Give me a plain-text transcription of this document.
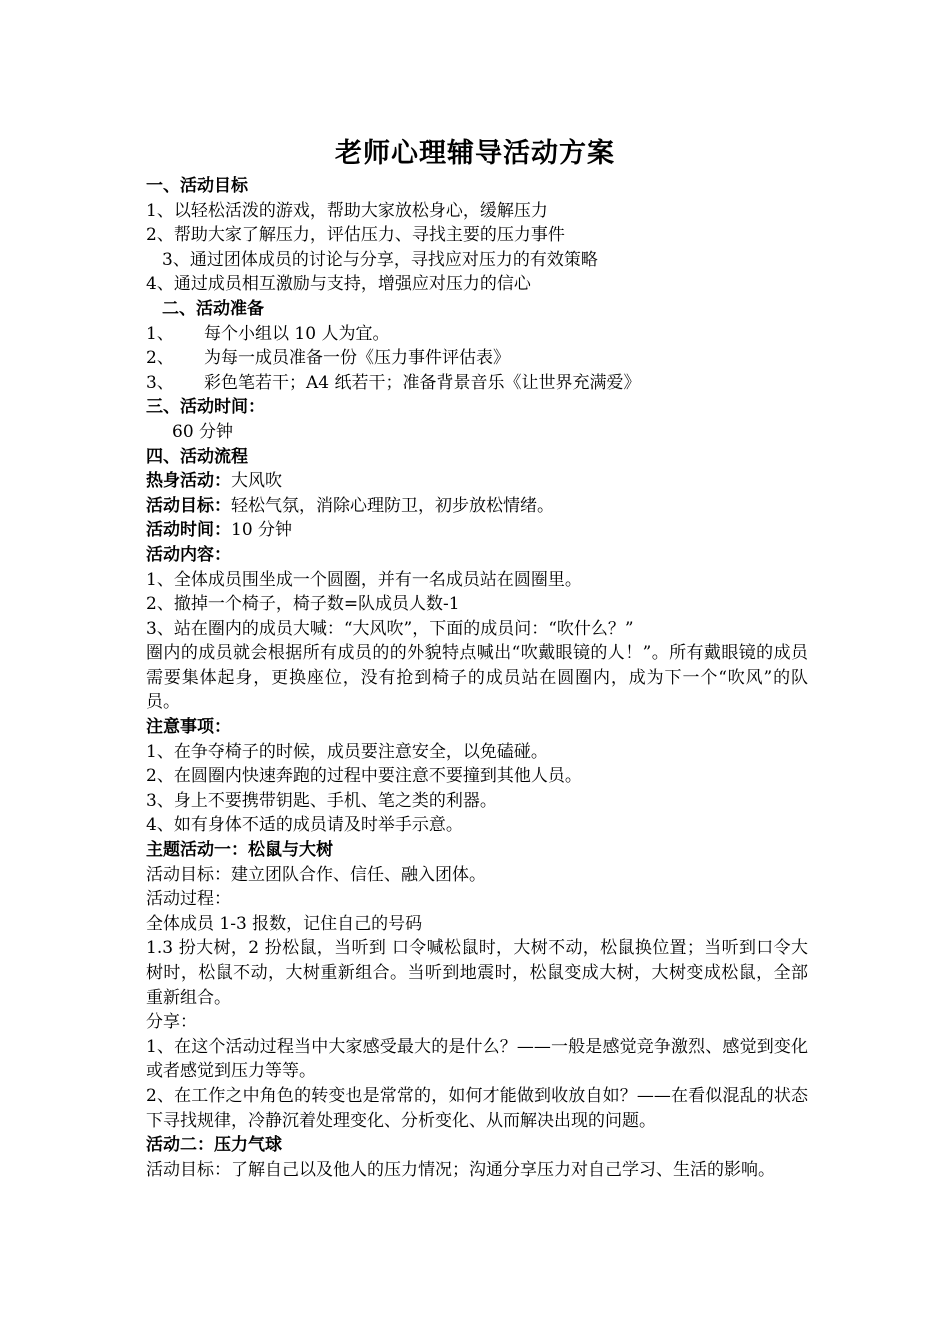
老师心理辅导活动方案
一、活动目标
1、以轻松活泼的游戏，帮助大家放松身心，缓解压力
2、帮助大家了解压力，评估压力、寻找主要的压力事件
3、通过团体成员的讨论与分享，寻找应对压力的有效策略
4、通过成员相互激励与支持，增强应对压力的信心
二、活动准备
1、 每个小组以 10 人为宜。
2、 为每一成员准备一份《压力事件评估表》
3、 彩色笔若干；A4 纸若干；准备背景音乐《让世界充满爱》
三、活动时间：
60 分钟
四、活动流程
热身活动：大风吹
活动目标：轻松气氛，消除心理防卫，初步放松情绪。
活动时间：10 分钟
活动内容：
1、全体成员围坐成一个圆圈，并有一名成员站在圆圈里。
2、撤掉一个椅子，椅子数=队成员人数-1
3、站在圈内的成员大喊：“大风吹”，下面的成员问：“吹什么？”
圈内的成员就会根据所有成员的的外貌特点喊出“吹戴眼镜的人！”。所有戴眼镜的成员需要集体起身，更换座位，没有抢到椅子的成员站在圆圈内，成为下一个“吹风”的队员。
注意事项：
1、在争夺椅子的时候，成员要注意安全，以免磕碰。
2、在圆圈内快速奔跑的过程中要注意不要撞到其他人员。
3、身上不要携带钥匙、手机、笔之类的利器。
4、如有身体不适的成员请及时举手示意。
主题活动一：松鼠与大树
活动目标：建立团队合作、信任、融入团体。
活动过程：
全体成员 1-3 报数，记住自己的号码
1.3 扮大树，2 扮松鼠，当听到 口令喊松鼠时，大树不动，松鼠换位置；当听到口令大树时，松鼠不动，大树重新组合。当听到地震时，松鼠变成大树，大树变成松鼠，全部重新组合。
分享：
1、在这个活动过程当中大家感受最大的是什么？——一般是感觉竞争激烈、感觉到变化或者感觉到压力等等。
2、在工作之中角色的转变也是常常的，如何才能做到收放自如？——在看似混乱的状态下寻找规律，冷静沉着处理变化、分析变化、从而解决出现的问题。
活动二：压力气球
活动目标：了解自己以及他人的压力情况；沟通分享压力对自己学习、生活的影响。
